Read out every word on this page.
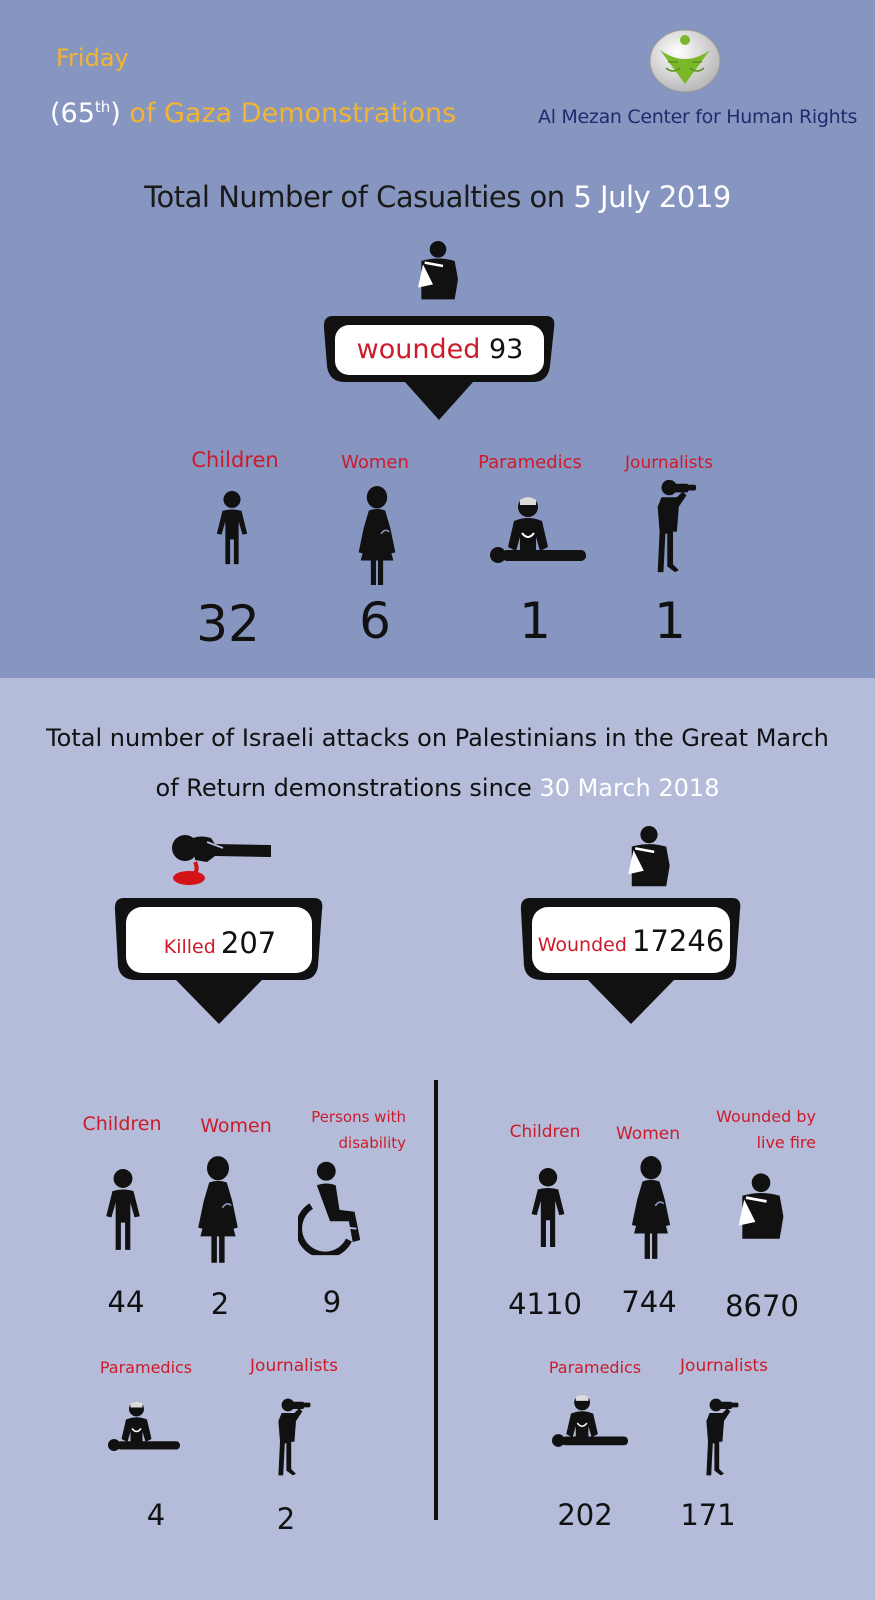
Friday
(65th) of Gaza Demonstrations	Al Mezan Center for Human Rights
Total Number of Casualties on 5 July 2019
wounded 93
Children	Women	Paramedics	Journalists
32	6	1	1
Total number of Israeli attacks on Palestinians in the Great March
of Return demonstrations since 30 March 2018
Killed 207	Wounded 17246
Children	Women	Persons with
disability
44	2	9
Paramedics	Journalists
4	2
Children	Women
Wounded by
live fire
4110	744	8670
Paramedics	Journalists
202	171
